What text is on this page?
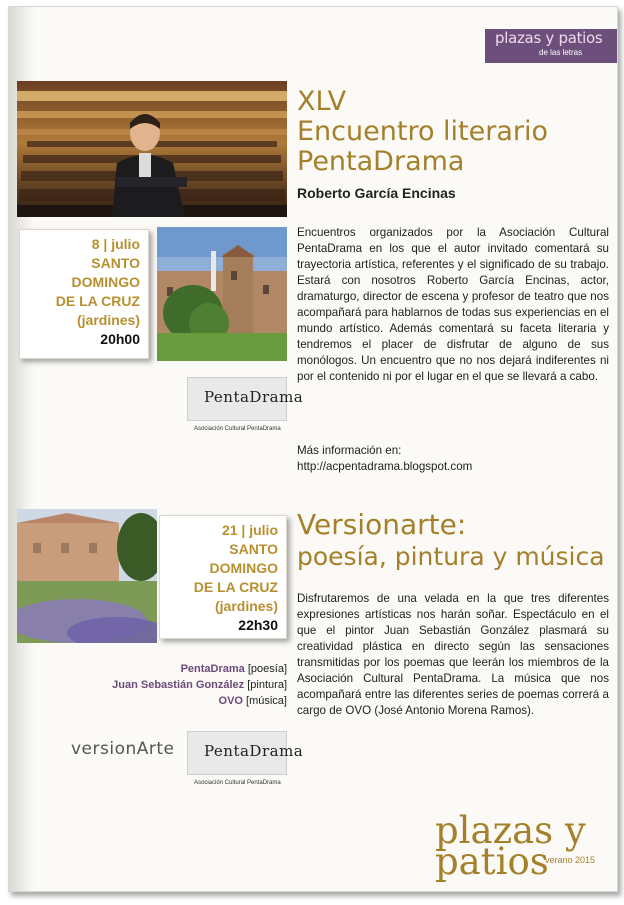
plazas y patios
de las letras
XLV
Encuentro literario
PentaDrama
Roberto García Encinas
8 | julio
SANTO DOMINGO
DE LA CRUZ
(jardines)
20h00
PentaDrama
Asociación Cultural PentaDrama

Encuentros organizados por la Asociación Cultural PentaDrama en los que el autor invitado comentará su trayectoria artística, referentes y el significado de su trabajo. Estará con nosotros Roberto García Encinas, actor, dramaturgo, director de escena y profesor de teatro que nos acompañará para hablarnos de todas sus experiencias en el mundo artístico. Además comentará su faceta literaria y tendremos el placer de disfrutar de alguno de sus monólogos. Un encuentro que no nos dejará indiferentes ni por el contenido ni por el lugar en el que se llevará a cabo.

Más información en:
http://acpentadrama.blogspot.com
21 | julio
SANTO DOMINGO
DE LA CRUZ
(jardines)
22h30
Versionarte:
poesía, pintura y música
PentaDrama [poesía]
Juan Sebastián González [pintura]
OVO [música]
versionArte PentaDrama
Asociación Cultural PentaDrama

Disfrutaremos de una velada en la que tres diferentes expresiones artísticas nos harán soñar. Espectáculo en el que el pintor Juan Sebastián González plasmará su creatividad plástica en directo según las sensaciones transmitidas por los poemas que leerán los miembros de la Asociación Cultural PentaDrama. La música que nos acompañará entre las diferentes series de poemas correrá a cargo de OVO (José Antonio Morena Ramos).

plazas y
patios
verano 2015
